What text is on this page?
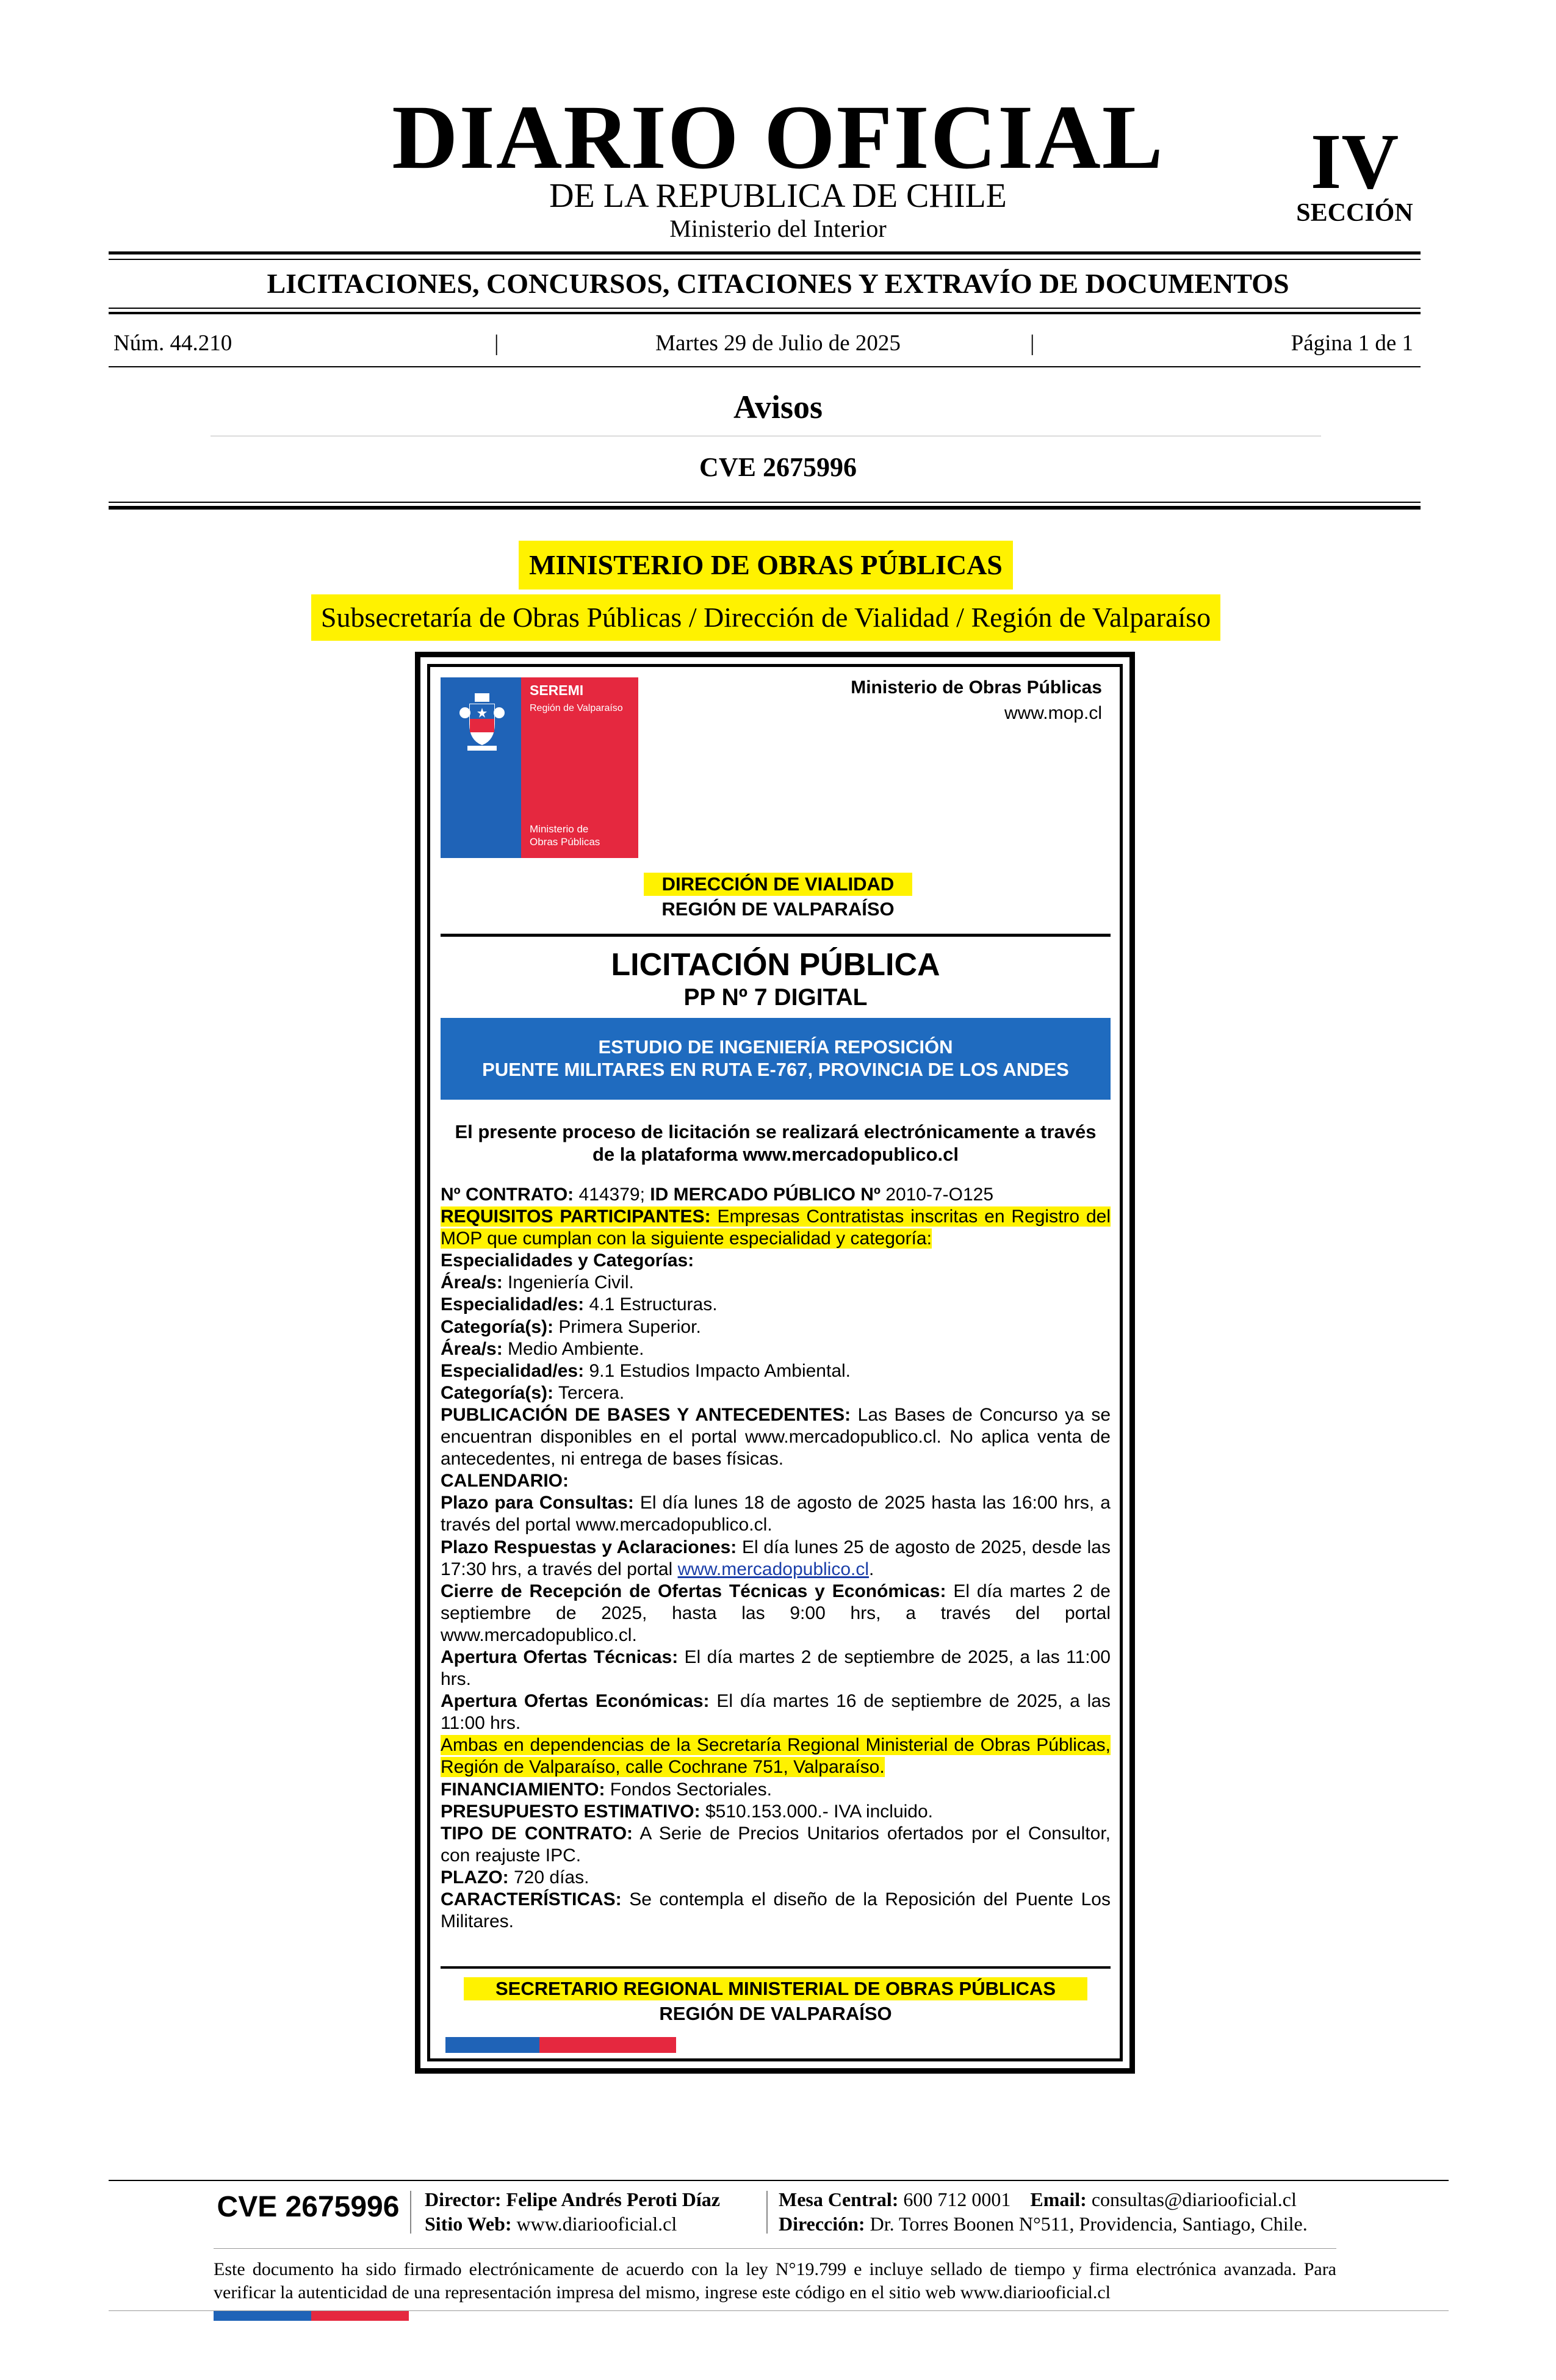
DIARIO OFICIAL
DE LA REPUBLICA DE CHILE
Ministerio del Interior
IV
SECCIÓN
LICITACIONES, CONCURSOS, CITACIONES Y EXTRAVÍO DE DOCUMENTOS
Núm. 44.210	|	Martes 29 de Julio de 2025	|	Página 1 de 1
Avisos
CVE 2675996
MINISTERIO DE OBRAS PÚBLICAS
Subsecretaría de Obras Públicas / Dirección de Vialidad / Región de Valparaíso
SEREMI
Región de Valparaíso
Ministerio de
Obras Públicas
Ministerio de Obras Públicas
www.mop.cl
DIRECCIÓN DE VIALIDAD
REGIÓN DE VALPARAÍSO
LICITACIÓN PÚBLICA
PP Nº 7 DIGITAL
ESTUDIO DE INGENIERÍA REPOSICIÓN
PUENTE MILITARES EN RUTA E-767, PROVINCIA DE LOS ANDES
El presente proceso de licitación se realizará electrónicamente a través de la plataforma www.mercadopublico.cl

Nº CONTRATO: 414379; ID MERCADO PÚBLICO Nº 2010-7-O125

REQUISITOS PARTICIPANTES: Empresas Contratistas inscritas en Registro del MOP que cumplan con la siguiente especialidad y categoría:

Especialidades y Categorías:

Área/s: Ingeniería Civil.

Especialidad/es: 4.1 Estructuras.

Categoría(s): Primera Superior.

Área/s: Medio Ambiente.

Especialidad/es: 9.1 Estudios Impacto Ambiental.

Categoría(s): Tercera.

PUBLICACIÓN DE BASES Y ANTECEDENTES: Las Bases de Concurso ya se encuentran disponibles en el portal www.mercadopublico.cl. No aplica venta de antecedentes, ni entrega de bases físicas.

CALENDARIO:

Plazo para Consultas: El día lunes 18 de agosto de 2025 hasta las 16:00 hrs, a través del portal www.mercadopublico.cl.

Plazo Respuestas y Aclaraciones: El día lunes 25 de agosto de 2025, desde las 17:30 hrs, a través del portal www.mercadopublico.cl.

Cierre de Recepción de Ofertas Técnicas y Económicas: El día martes 2 de septiembre de 2025, hasta las 9:00 hrs, a través del portal www.mercadopublico.cl.

Apertura Ofertas Técnicas: El día martes 2 de septiembre de 2025, a las 11:00 hrs.

Apertura Ofertas Económicas: El día martes 16 de septiembre de 2025, a las 11:00 hrs.

Ambas en dependencias de la Secretaría Regional Ministerial de Obras Públicas, Región de Valparaíso, calle Cochrane 751, Valparaíso.

FINANCIAMIENTO: Fondos Sectoriales.

PRESUPUESTO ESTIMATIVO: $510.153.000.- IVA incluido.

TIPO DE CONTRATO: A Serie de Precios Unitarios ofertados por el Consultor, con reajuste IPC.

PLAZO: 720 días.

CARACTERÍSTICAS: Se contempla el diseño de la Reposición del Puente Los Militares.

SECRETARIO REGIONAL MINISTERIAL DE OBRAS PÚBLICAS
REGIÓN DE VALPARAÍSO
CVE 2675996	Director: Felipe Andrés Peroti Díaz
Sitio Web: www.diariooficial.cl
Mesa Central: 600 712 0001 Email: consultas@diariooficial.cl
Dirección: Dr. Torres Boonen N°511, Providencia, Santiago, Chile.
Este documento ha sido firmado electrónicamente de acuerdo con la ley N°19.799 e incluye sellado de tiempo y firma electrónica avanzada. Para verificar la autenticidad de una representación impresa del mismo, ingrese este código en el sitio web www.diariooficial.cl
